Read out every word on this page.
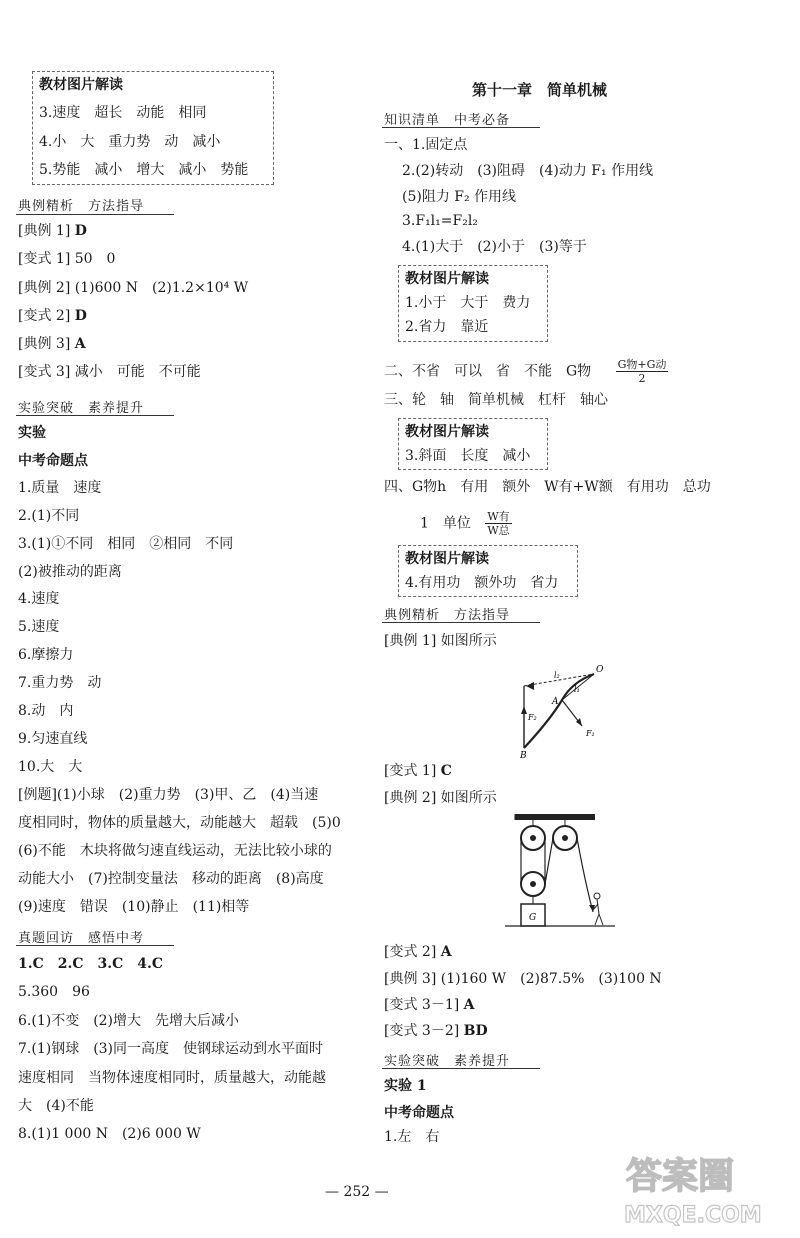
教材图片解读
3.速度　超长　动能　相同
4.小　大　重力势　动　减小
5.势能　减小　增大　减小　势能
典例精析　方法指导
[典例 1] D
[变式 1] 50　0
[典例 2] (1)600 N　(2)1.2×10⁴ W
[变式 2] D
[典例 3] A
[变式 3] 减小　可能　不可能
实验突破　素养提升
实验
中考命题点
1.质量　速度
2.(1)不同
3.(1)①不同　相同　②相同　不同
(2)被推动的距离
4.速度
5.速度
6.摩擦力
7.重力势　动
8.动　内
9.匀速直线
10.大　大
[例题](1)小球　(2)重力势　(3)甲、乙　(4)当速
度相同时，物体的质量越大，动能越大　超载　(5)0
(6)不能　木块将做匀速直线运动，无法比较小球的
动能大小　(7)控制变量法　移动的距离　(8)高度
(9)速度　错误　(10)静止　(11)相等
真题回访　感悟中考
1.C　2.C　3.C　4.C
5.360　96
6.(1)不变　(2)增大　先增大后减小
7.(1)钢球　(3)同一高度　使钢球运动到水平面时
速度相同　当物体速度相同时，质量越大，动能越
大　(4)不能
8.(1)1 000 N　(2)6 000 W
第十一章　简单机械
知识清单　中考必备
一、1.固定点
2.(2)转动　(3)阻碍　(4)动力 F₁ 作用线
(5)阻力 F₂ 作用线
3.F₁l₁=F₂l₂
4.(1)大于　(2)小于　(3)等于
教材图片解读
1.小于　大于　费力
2.省力　靠近
二、不省　可以　省　不能　G物 $\frac{\text{G物+G动}}{2}$
三、轮　轴　简单机械　杠杆　轴心
教材图片解读
3.斜面　长度　减小
四、G物h　有用　额外　W有+W额　有用功　总功
1　单位 $\frac{\text{W有}}{\text{W总}}$
教材图片解读
4.有用功　额外功　省力
典例精析　方法指导
[典例 1] 如图所示
O
A
B
l₂
l₁
F₁
F₂
[变式 1] C
[典例 2] 如图所示
G
[变式 2] A
[典例 3] (1)160 W　(2)87.5%　(3)100 N
[变式 3－1] A
[变式 3－2] BD
实验突破　素养提升
实验 1
中考命题点
1.左　右
— 252 —	答案圈
MXQE.COM
